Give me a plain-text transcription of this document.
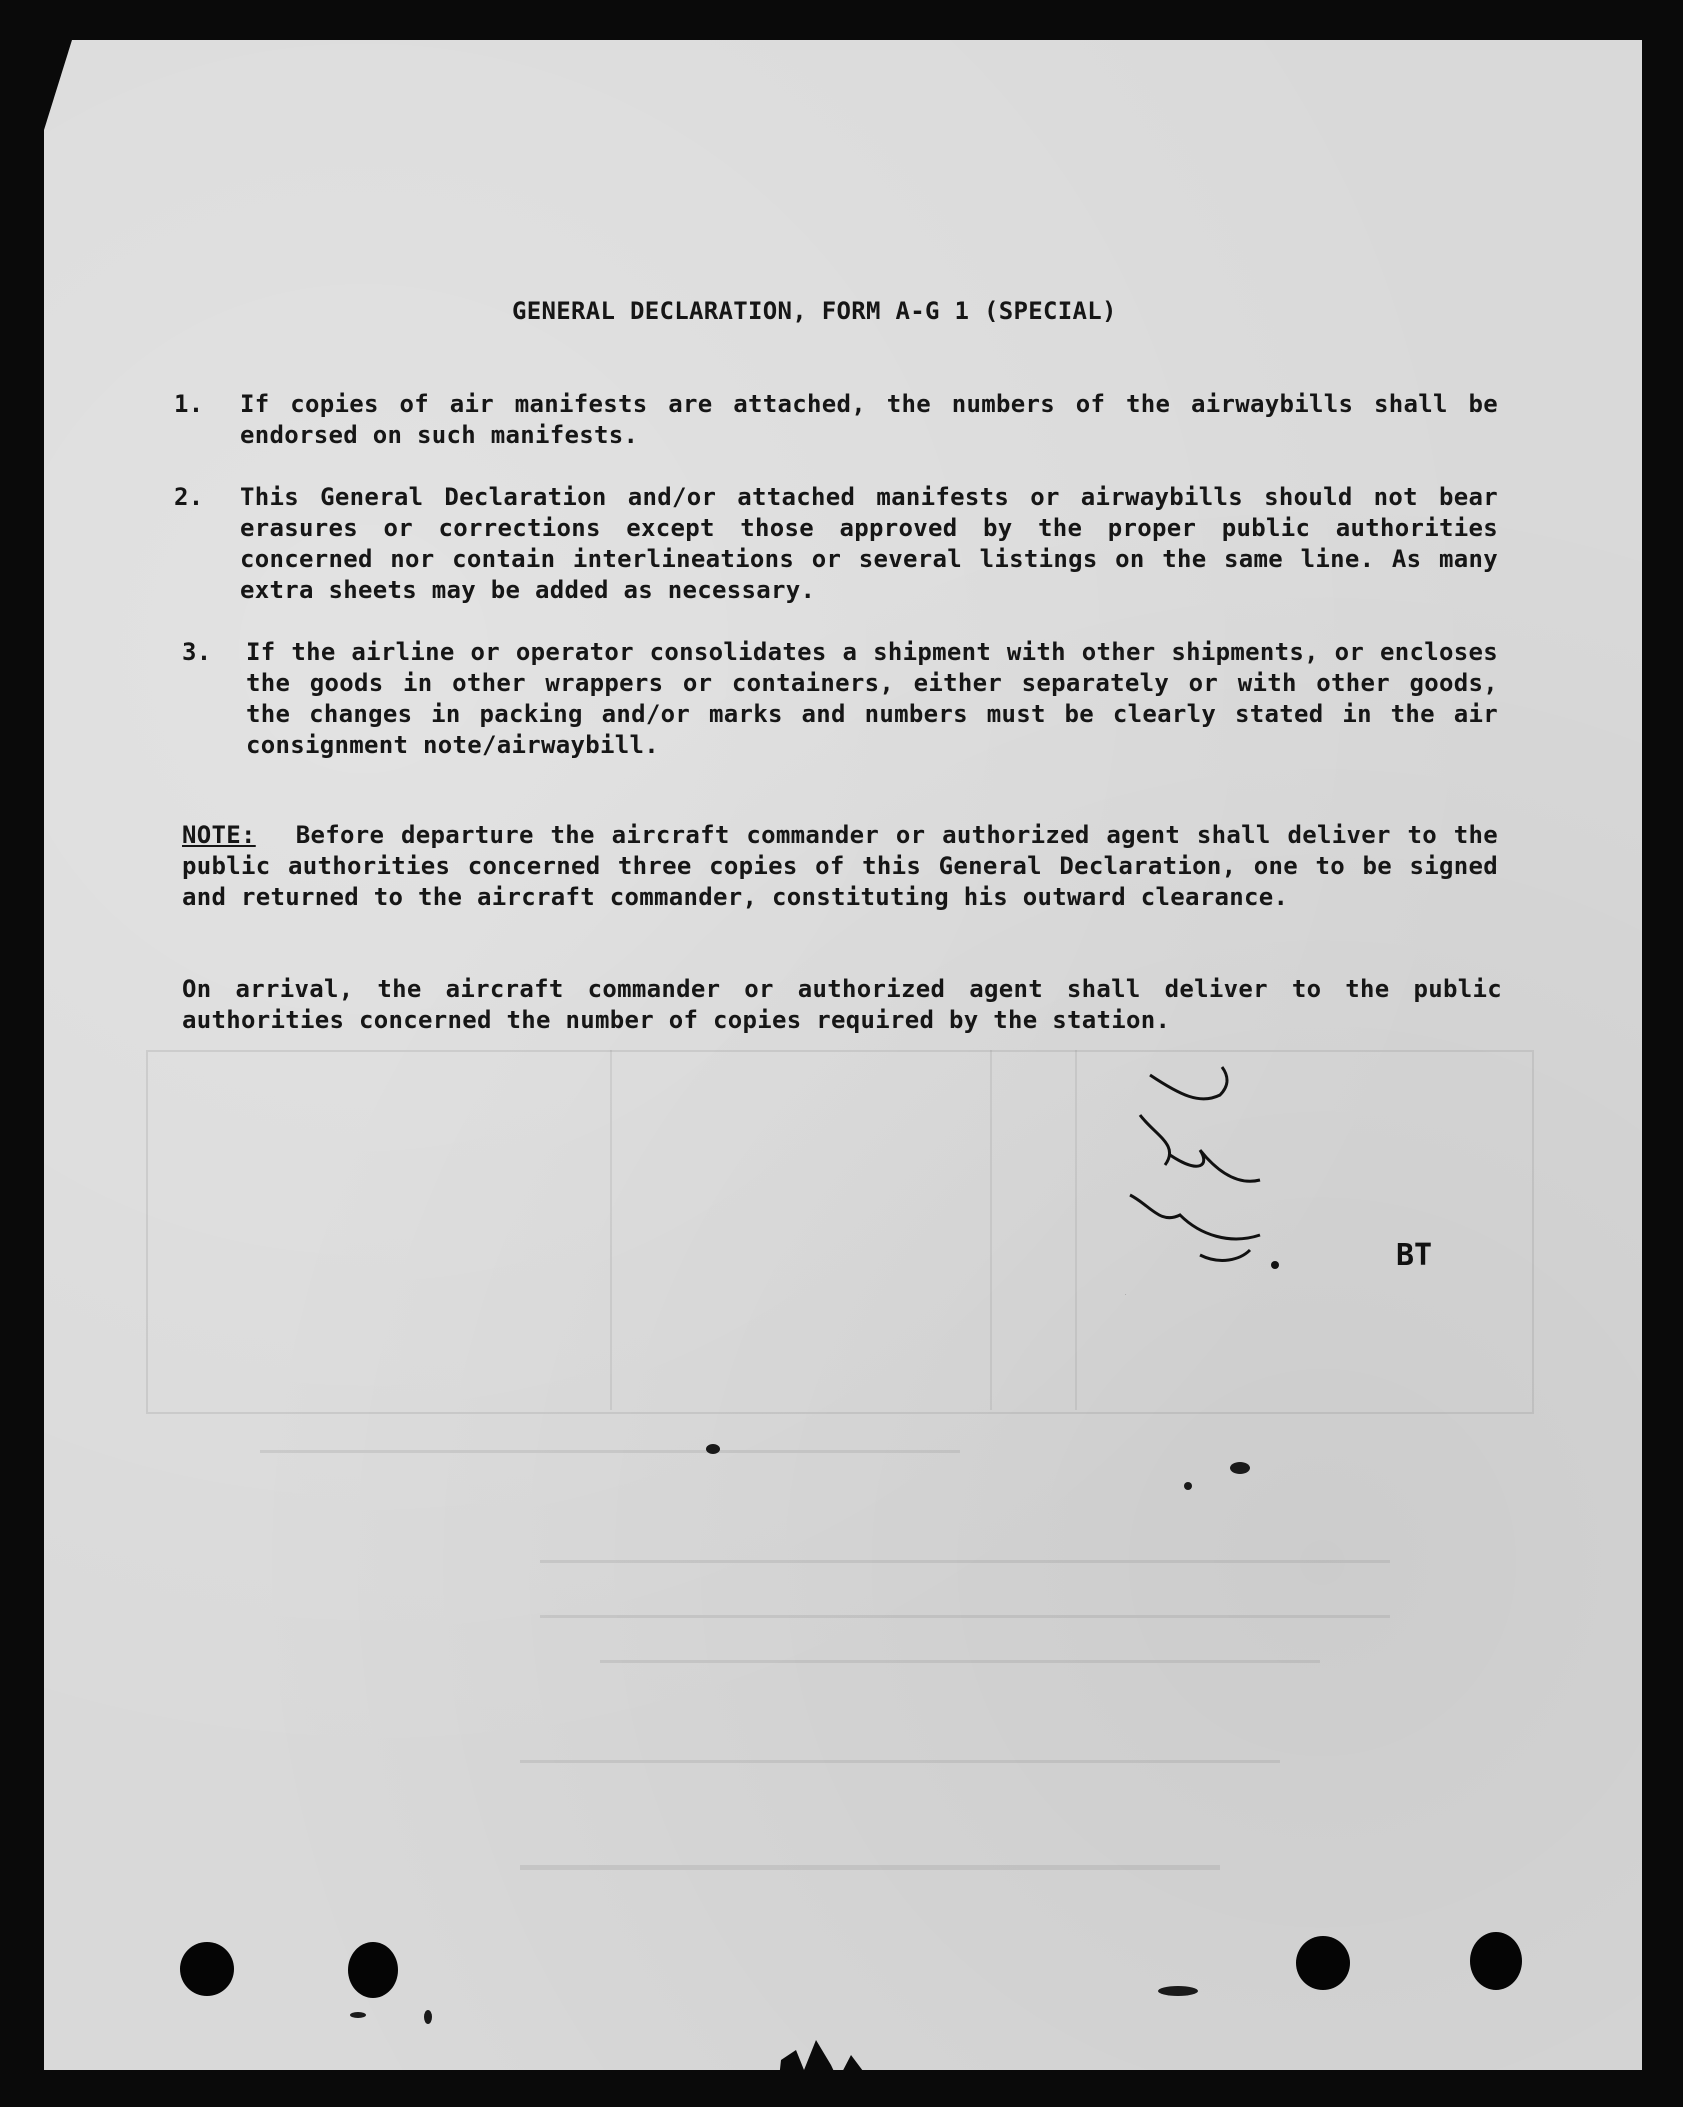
GENERAL DECLARATION, FORM A-G 1 (SPECIAL)
1. If copies of air manifests are attached, the numbers of the airwaybills shall be endorsed on such manifests.
2. This General Declaration and/or attached manifests or airwaybills should not bear erasures or corrections except those approved by the proper public authorities concerned nor contain interlineations or several listings on the same line. As many extra sheets may be added as necessary.
3. If the airline or operator consolidates a shipment with other shipments, or encloses the goods in other wrappers or containers, either separately or with other goods, the changes in packing and/or marks and numbers must be clearly stated in the air consignment note/airwaybill.
NOTE: Before departure the aircraft commander or authorized agent shall deliver to the public authorities concerned three copies of this General Declaration, one to be signed and returned to the aircraft commander, constituting his outward clearance.
On arrival, the aircraft commander or authorized agent shall deliver to the public authorities concerned the number of copies required by the station.
BT
